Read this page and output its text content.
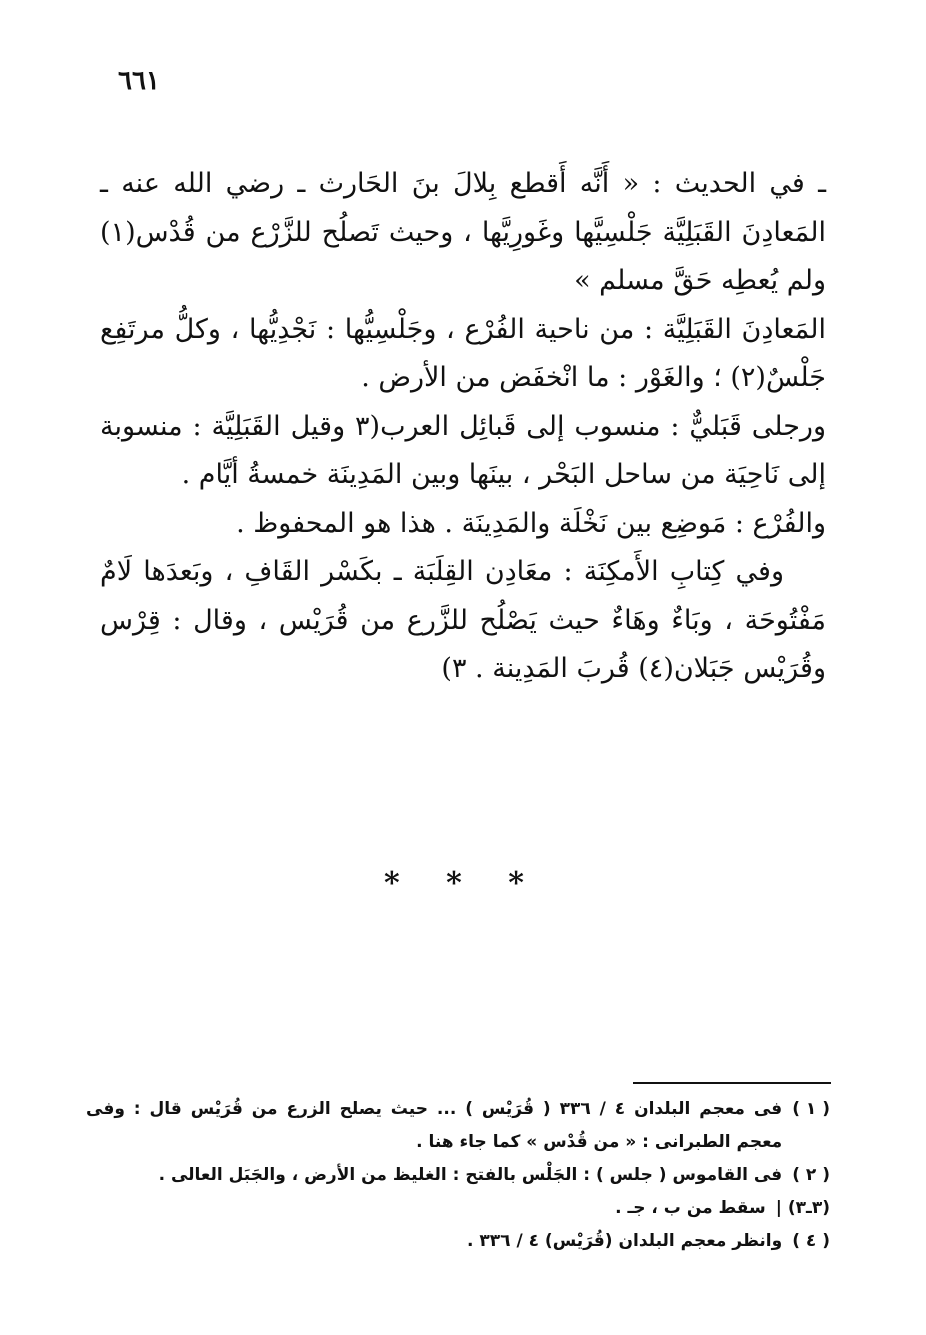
٦٦١

ـ في الحديث : « أَنَّه أَقطع بِلالَ بنَ الحَارث ـ رضي الله عنه ـ المَعادِنَ القَبَلِيَّة جَلْسِيَّها وغَورِيَّها ، وحيث تَصلُح للزَّرْع من قُدْس(١) ولم يُعطِه حَقَّ مسلم »

المَعادِنَ القَبَلِيَّة : من ناحية الفُرْع ، وجَلْسِيُّها : نَجْدِيُّها ، وكلُّ مرتَفِع جَلْسٌ(٢) ؛ والغَوْر : ما انْخفَض من الأرض .

ورجلى قَبَليٌّ : منسوب إلى قَبائِل العرب(٣ وقيل القَبَلِيَّة : منسوبة إلى نَاحِيَة من ساحل البَحْر ، بينَها وبين المَدِينَة خمسةُ أيَّام .

والفُرْع : مَوضِع بين نَخْلَة والمَدِينَة . هذا هو المحفوظ .

وفي كِتابِ الأَمكِنَة : معَادِن القِلَبَة ـ بكَسْر القَافِ ، وبَعدَها لَامٌ مَفْتُوحَة ، وبَاءٌ وهَاءٌ حيث يَصْلُح للزَّرع من قُرَيْس ، وقال : قِرْس وقُرَيْس جَبَلان(٤) قُربَ المَدِينة . ٣)

* * *
( ١ )
فى معجم البلدان ٤ / ٣٣٦ ( قُرَيْس ) ... حيث يصلح الزرع من قُرَيْس قال : وفى معجم الطبرانى : « من قُدْس » كما جاء هنا .
( ٢ )
فى القاموس ( جلس ) : الجَلْس بالفتح : الغليظ من الأرض ، والجَبَل العالى .
(٣ـ٣) |
سقط من ب ، جـ .
( ٤ )
وانظر معجم البلدان (قُرَيْس) ٤ / ٣٣٦ .
